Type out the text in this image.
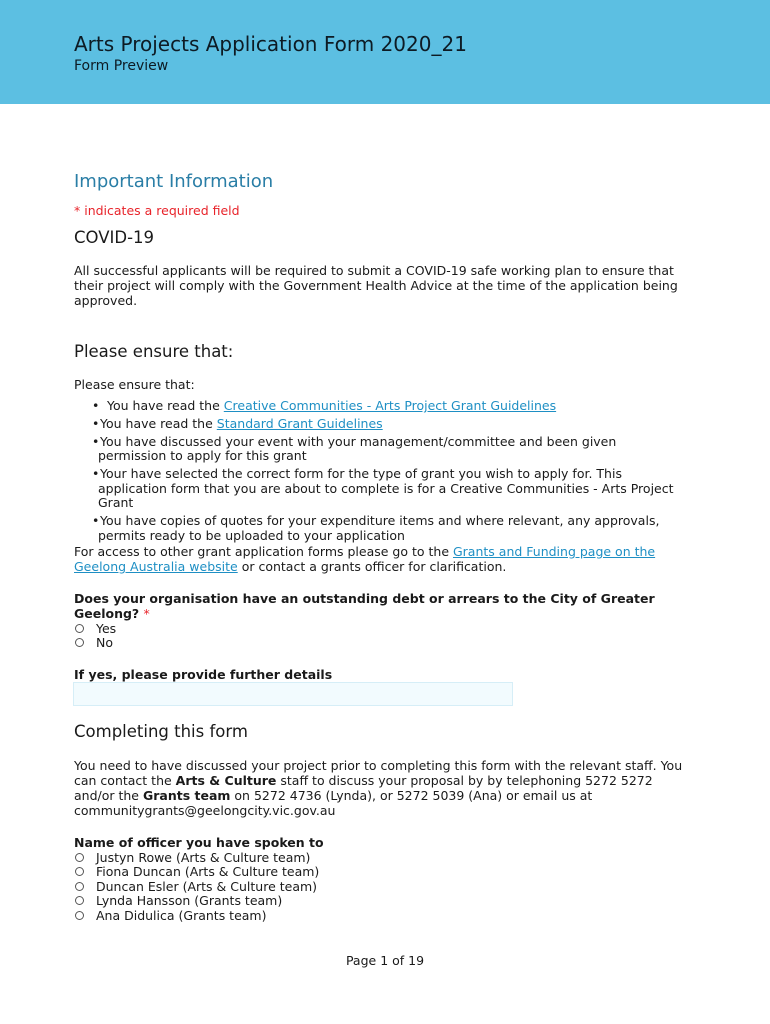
Arts Projects Application Form 2020_21
Form Preview
Important Information
* indicates a required field
COVID-19
All successful applicants will be required to submit a COVID-19 safe working plan to ensure that their project will comply with the Government Health Advice at the time of the application being approved.
Please ensure that:
Please ensure that:
• You have read the Creative Communities - Arts Project Grant Guidelines
• You have read the Standard Grant Guidelines
• You have discussed your event with your management/committee and been given permission to apply for this grant
• Your have selected the correct form for the type of grant you wish to apply for. This application form that you are about to complete is for a Creative Communities - Arts Project Grant
• You have copies of quotes for your expenditure items and where relevant, any approvals, permits ready to be uploaded to your application
For access to other grant application forms please go to the Grants and Funding page on the Geelong Australia website or contact a grants officer for clarification.
Does your organisation have an outstanding debt or arrears to the City of Greater Geelong? *
Yes
No
If yes, please provide further details
Completing this form
You need to have discussed your project prior to completing this form with the relevant staff. You can contact the Arts & Culture staff to discuss your proposal by by telephoning 5272 5272 and/or the Grants team on 5272 4736 (Lynda), or 5272 5039 (Ana) or email us at communitygrants@geelongcity.vic.gov.au
Name of officer you have spoken to
Justyn Rowe (Arts & Culture team)
Fiona Duncan (Arts & Culture team)
Duncan Esler (Arts & Culture team)
Lynda Hansson (Grants team)
Ana Didulica (Grants team)
Page 1 of 19
